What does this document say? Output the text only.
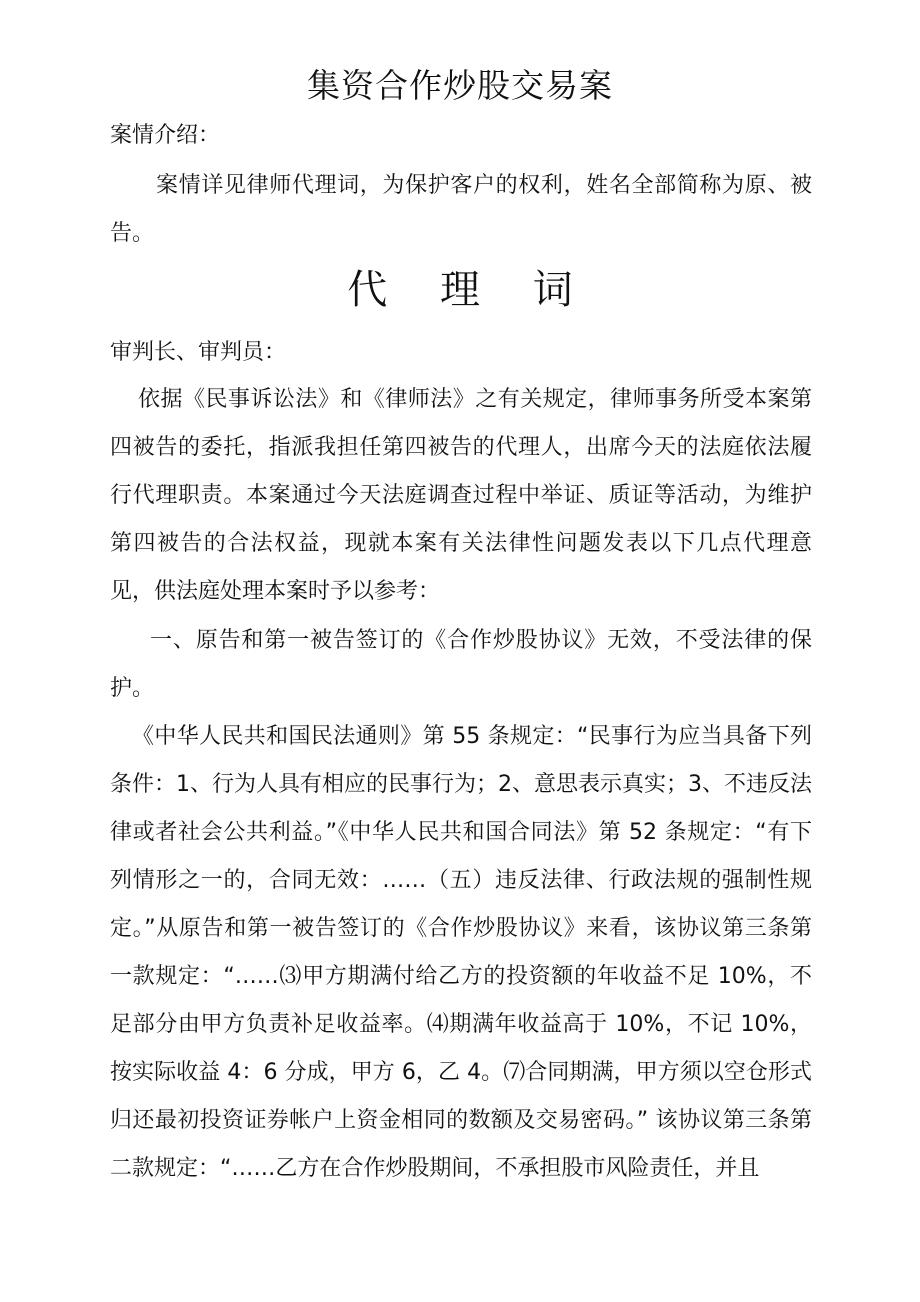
集资合作炒股交易案

案情介绍：

案情详见律师代理词，为保护客户的权利，姓名全部简称为原、被告。

代 理 词

审判长、审判员：

依据《民事诉讼法》和《律师法》之有关规定，律师事务所受本案第四被告的委托，指派我担任第四被告的代理人，出席今天的法庭依法履行代理职责。本案通过今天法庭调查过程中举证、质证等活动，为维护第四被告的合法权益，现就本案有关法律性问题发表以下几点代理意见，供法庭处理本案时予以参考：

一、原告和第一被告签订的《合作炒股协议》无效，不受法律的保护。

《中华人民共和国民法通则》第 55 条规定：“民事行为应当具备下列条件：1、行为人具有相应的民事行为；2、意思表示真实；3、不违反法律或者社会公共利益。”《中华人民共和国合同法》第 52 条规定：“有下列情形之一的，合同无效：……（五）违反法律、行政法规的强制性规定。”从原告和第一被告签订的《合作炒股协议》来看，该协议第三条第一款规定：“……⑶甲方期满付给乙方的投资额的年收益不足 10%，不足部分由甲方负责补足收益率。⑷期满年收益高于 10%，不记 10%，按实际收益 4：6 分成，甲方 6，乙 4。⑺合同期满，甲方须以空仓形式归还最初投资证券帐户上资金相同的数额及交易密码。” 该协议第三条第二款规定：“……乙方在合作炒股期间，不承担股市风险责任，并且
